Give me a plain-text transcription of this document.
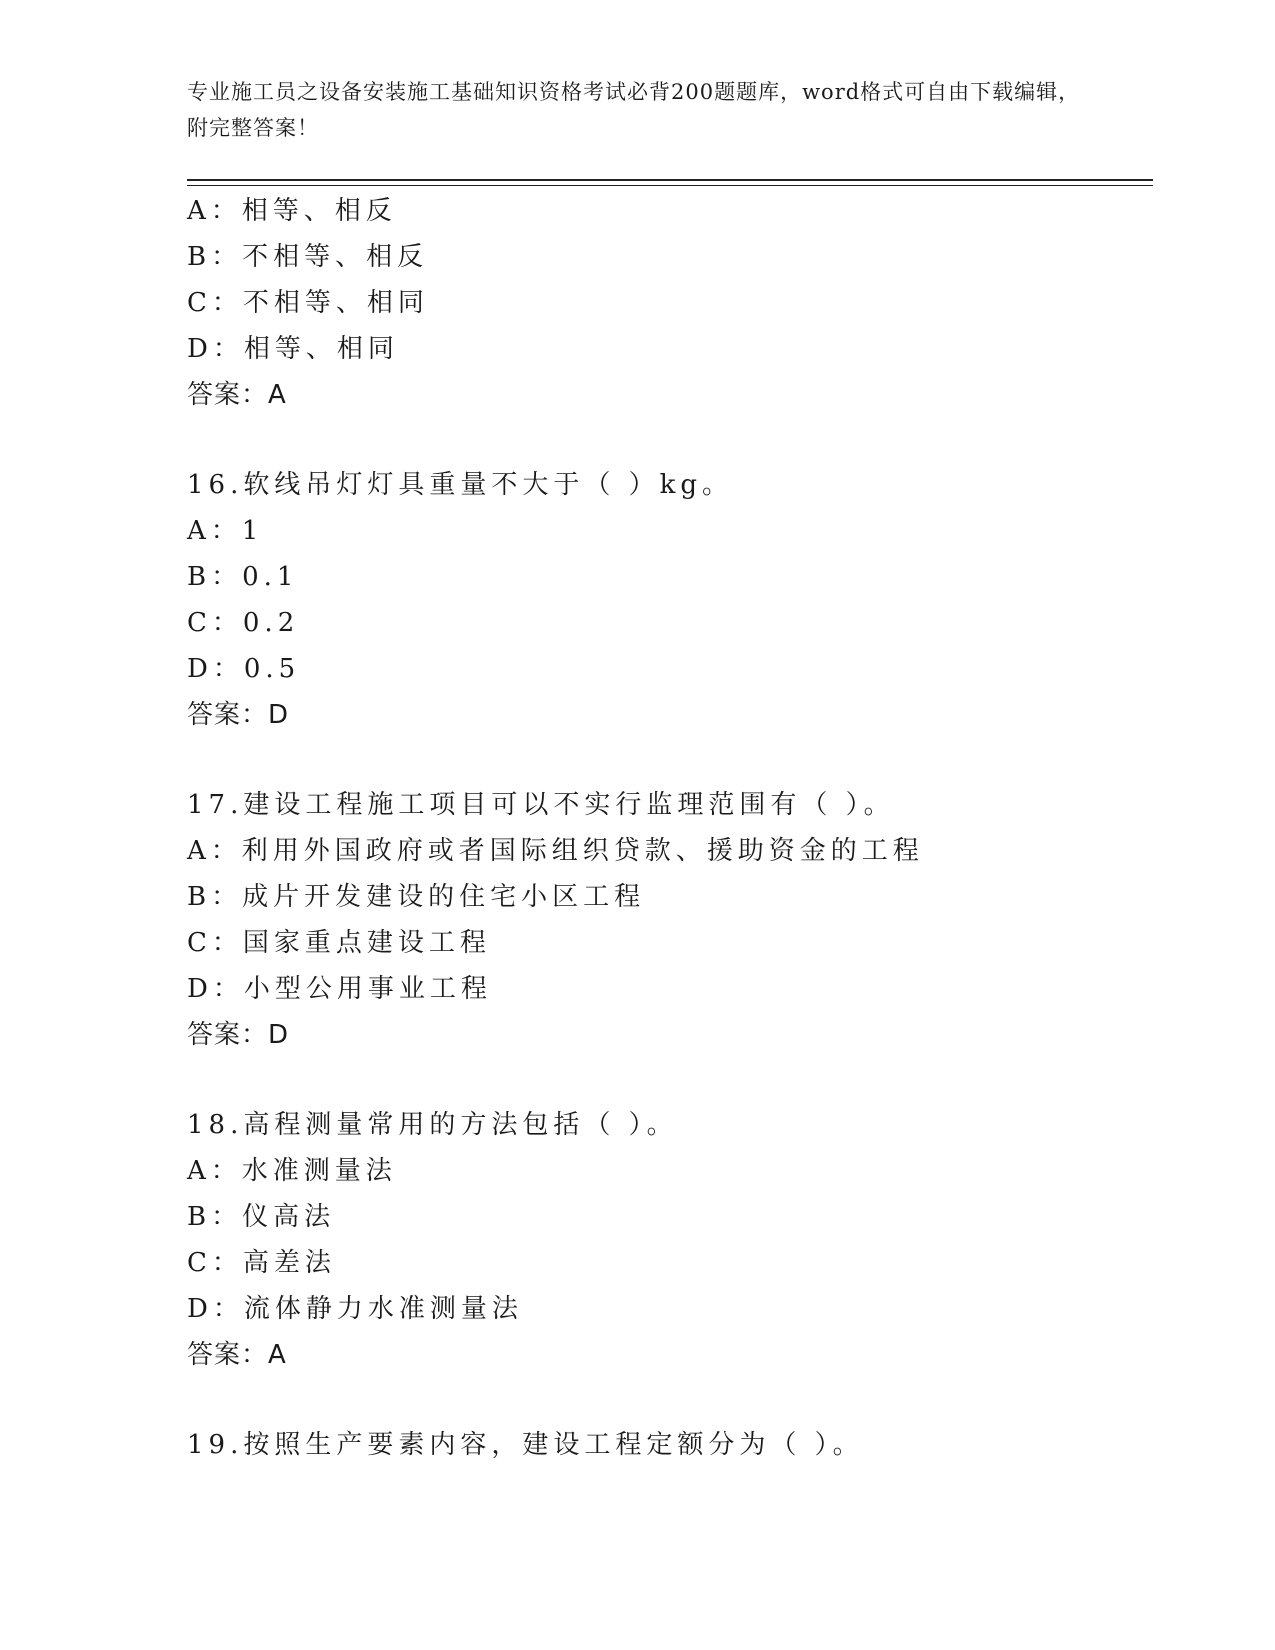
专业施工员之设备安装施工基础知识资格考试必背200题题库，word格式可自由下载编辑，附完整答案！
A：相等、相反
B：不相等、相反
C：不相等、相同
D：相等、相同
答案：A
16.软线吊灯灯具重量不大于（ ）kg。
A：1
B：0.1
C：0.2
D：0.5
答案：D
17.建设工程施工项目可以不实行监理范围有（ ）。
A：利用外国政府或者国际组织贷款、援助资金的工程
B：成片开发建设的住宅小区工程
C：国家重点建设工程
D：小型公用事业工程
答案：D
18.高程测量常用的方法包括（ ）。
A：水准测量法
B：仪高法
C：高差法
D：流体静力水准测量法
答案：A
19.按照生产要素内容，建设工程定额分为（ ）。
